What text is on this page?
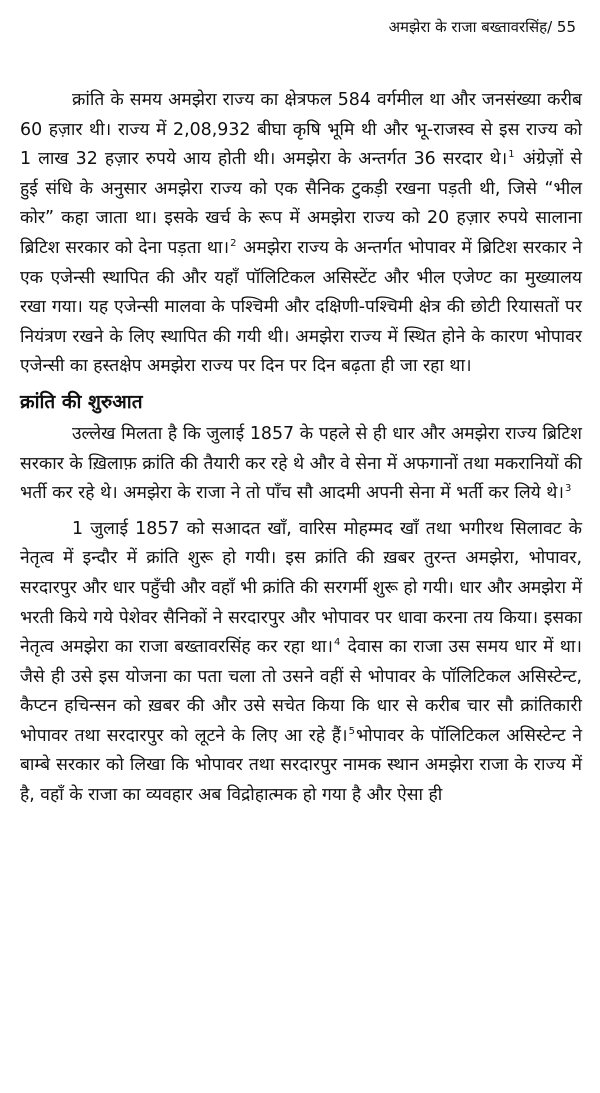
अमझेरा के राजा बख्तावरसिंह/ 55

क्रांति के समय अमझेरा राज्य का क्षेत्रफल 584 वर्गमील था और जनसंख्या करीब 60 हज़ार थी। राज्य में 2,08,932 बीघा कृषि भूमि थी और भू-राजस्व से इस राज्य को 1 लाख 32 हज़ार रुपये आय होती थी। अमझेरा के अन्तर्गत 36 सरदार थे।$^1$ अंग्रेज़ों से हुई संधि के अनुसार अमझेरा राज्य को एक सैनिक टुकड़ी रखना पड़ती थी, जिसे “भील कोर” कहा जाता था। इसके खर्च के रूप में अमझेरा राज्य को 20 हज़ार रुपये सालाना ब्रिटिश सरकार को देना पड़ता था।$^2$ अमझेरा राज्य के अन्तर्गत भोपावर में ब्रिटिश सरकार ने एक एजेन्सी स्थापित की और यहाँ पॉलिटिकल असिस्टेंट और भील एजेण्ट का मुख्यालय रखा गया। यह एजेन्सी मालवा के पश्चिमी और दक्षिणी-पश्चिमी क्षेत्र की छोटी रियासतों पर नियंत्रण रखने के लिए स्थापित की गयी थी। अमझेरा राज्य में स्थित होने के कारण भोपावर एजेन्सी का हस्तक्षेप अमझेरा राज्य पर दिन पर दिन बढ़ता ही जा रहा था।

क्रांति की शुरुआत

उल्लेख मिलता है कि जुलाई 1857 के पहले से ही धार और अमझेरा राज्य ब्रिटिश सरकार के ख़िलाफ़ क्रांति की तैयारी कर रहे थे और वे सेना में अफगानों तथा मकरानियों की भर्ती कर रहे थे। अमझेरा के राजा ने तो पाँच सौ आदमी अपनी सेना में भर्ती कर लिये थे।$^3$

1 जुलाई 1857 को सआदत खाँ, वारिस मोहम्मद खाँ तथा भगीरथ सिलावट के नेतृत्व में इन्दौर में क्रांति शुरू हो गयी। इस क्रांति की ख़बर तुरन्त अमझेरा, भोपावर, सरदारपुर और धार पहुँची और वहाँ भी क्रांति की सरगर्मी शुरू हो गयी। धार और अमझेरा में भरती किये गये पेशेवर सैनिकों ने सरदारपुर और भोपावर पर धावा करना तय किया। इसका नेतृत्व अमझेरा का राजा बख्तावरसिंह कर रहा था।$^4$ देवास का राजा उस समय धार में था। जैसे ही उसे इस योजना का पता चला तो उसने वहीं से भोपावर के पॉलिटिकल असिस्टेन्ट, कैप्टन हचिन्सन को ख़बर की और उसे सचेत किया कि धार से करीब चार सौ क्रांतिकारी भोपावर तथा सरदारपुर को लूटने के लिए आ रहे हैं।$^5$भोपावर के पॉलिटिकल असिस्टेन्ट ने बाम्बे सरकार को लिखा कि भोपावर तथा सरदारपुर नामक स्थान अमझेरा राजा के राज्य में है, वहाँ के राजा का व्यवहार अब विद्रोहात्मक हो गया है और ऐसा ही
